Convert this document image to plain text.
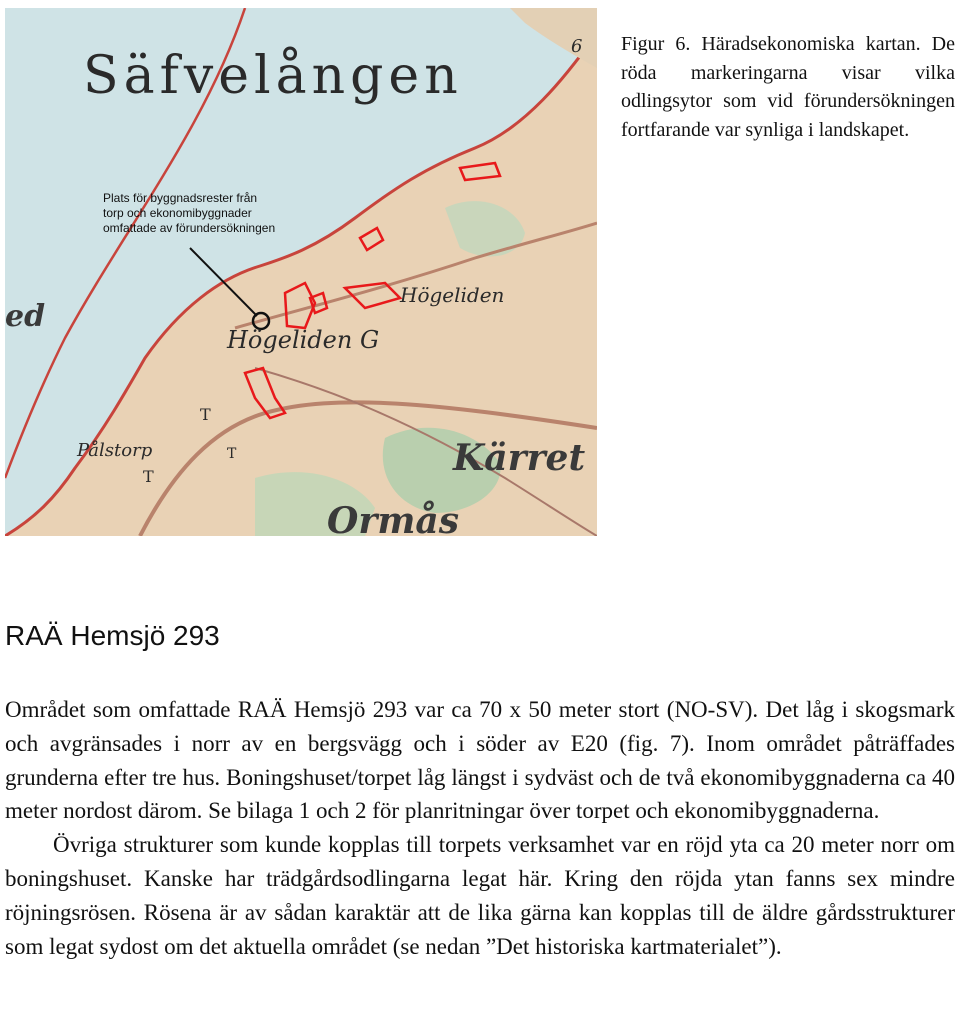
Säfvelången
Plats för byggnadsrester från
torp och ekonomibyggnader
omfattade av förundersökningen
Högeliden
Högeliden G
Kärret
Ormås
Pålstorp
T
T
T
6
ed
Figur 6. Häradsekonomiska kartan. De röda markeringarna visar vilka odlingsytor som vid förundersökningen fortfarande var synliga i landskapet.
RAÄ Hemsjö 293

Området som omfattade RAÄ Hemsjö 293 var ca 70 x 50 meter stort (NO-SV). Det låg i skogsmark och avgränsades i norr av en bergsvägg och i söder av E20 (fig. 7). Inom området påträffades grunderna efter tre hus. Boningshuset/torpet låg längst i sydväst och de två ekonomibyggnaderna ca 40 meter nordost därom. Se bilaga 1 och 2 för planritningar över torpet och ekonomibyggnaderna.

Övriga strukturer som kunde kopplas till torpets verksamhet var en röjd yta ca 20 meter norr om boningshuset. Kanske har trädgårdsodlingarna legat här. Kring den röjda ytan fanns sex mindre röjningsrösen. Rösena är av sådan karaktär att de lika gärna kan kopplas till de äldre gårdsstrukturer som legat sydost om det aktuella området (se nedan ”Det historiska kartmaterialet”).
